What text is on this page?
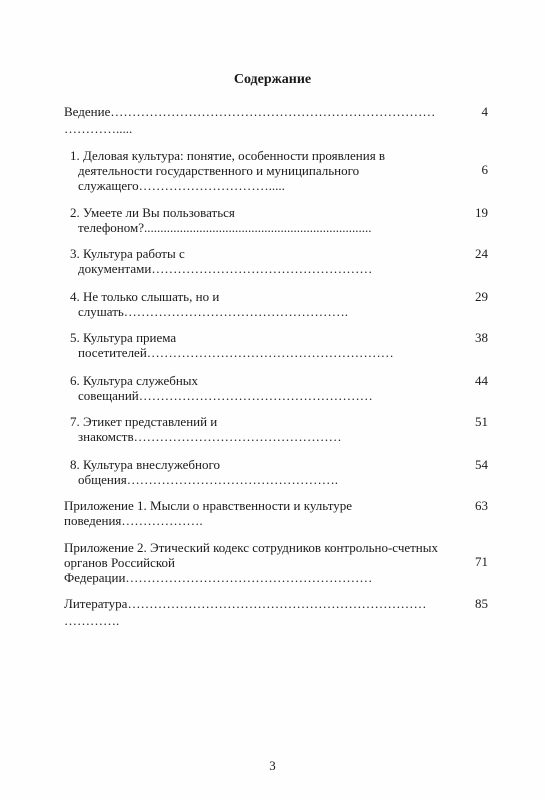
Содержание
Ведение…………………………………………………………………
………….....
4
1. Деловая культура: понятие, особенности проявления в
деятельности государственного и муниципального
служащего………………………….....
6
2. Умеете ли Вы пользоваться
телефоном?......................................................................
19
3. Культура работы с
документами……………………………………………
24
4. Не только слышать, но и
слушать…………………………………………….
29
5. Культура приема
посетителей…………………………………………………
38
6. Культура служебных
совещаний………………………………………………
44
7. Этикет представлений и
знакомств…………………………………………
51
8. Культура внеслужебного
общения………………………………………….
54
Приложение 1. Мысли о нравственности и культуре
поведения……………….
63
Приложение 2. Этический кодекс сотрудников контрольно-счетных
органов Российской
Федерации…………………………………………………
71
Литература……………………………………………………………
………….
85
3
